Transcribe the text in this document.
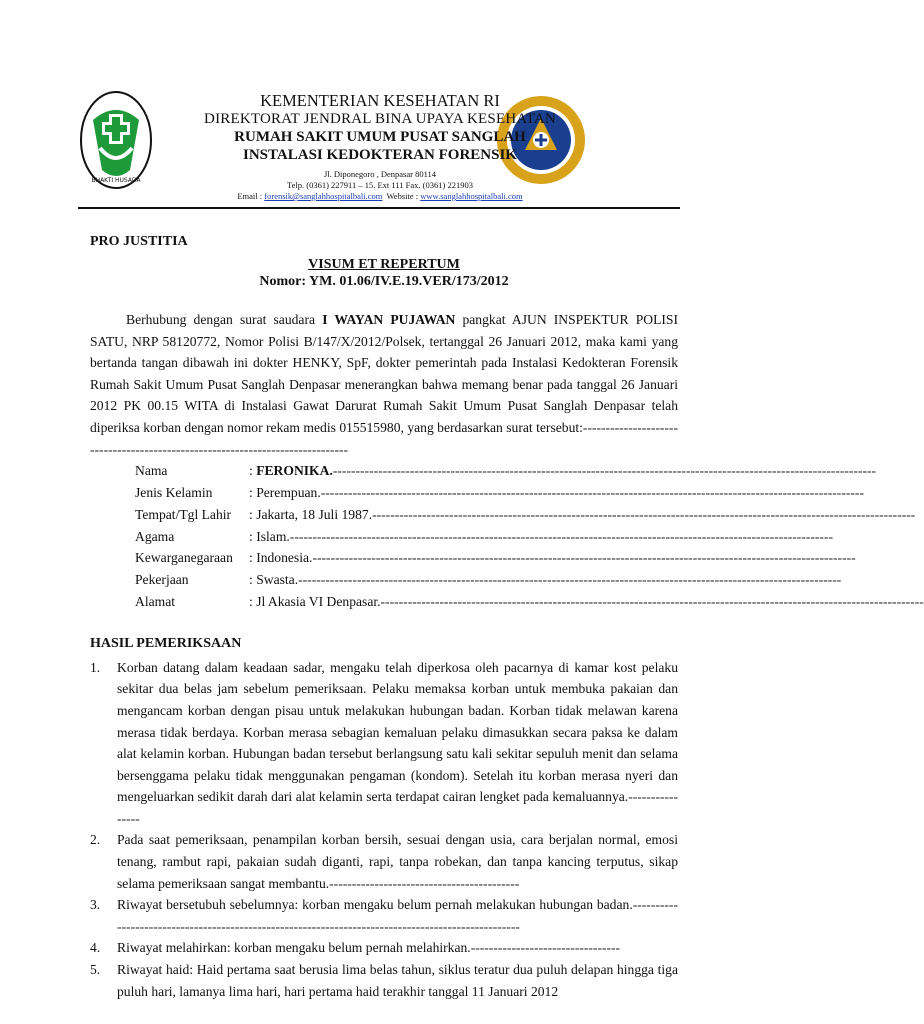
BHAKTI HUSADA
KEMENTERIAN KESEHATAN RI
DIREKTORAT JENDRAL BINA UPAYA KESEHATAN
RUMAH SAKIT UMUM PUSAT SANGLAH
INSTALASI KEDOKTERAN FORENSIK
Jl. Diponegoro , Denpasar 80114
Telp. (0361) 227911 – 15. Ext 111 Fax. (0361) 221903
Email : forensik@sanglahhospitalbali.com  Website : www.sanglahhospitalbali.com

PRO JUSTITIA

VISUM ET REPERTUM

Nomor: YM. 01.06/IV.E.19.VER/173/2012

Berhubung dengan surat saudara I WAYAN PUJAWAN pangkat AJUN INSPEKTUR POLISI SATU, NRP 58120772, Nomor Polisi B/147/X/2012/Polsek, tertanggal 26 Januari 2012, maka kami yang bertanda tangan dibawah ini dokter HENKY, SpF, dokter pemerintah pada Instalasi Kedokteran Forensik Rumah Sakit Umum Pusat Sanglah Denpasar menerangkan bahwa memang benar pada tanggal 26 Januari 2012 PK 00.15 WITA di Instalasi Gawat Darurat Rumah Sakit Umum Pusat Sanglah Denpasar telah diperiksa korban dengan nomor rekam medis 015515980, yang berdasarkan surat tersebut:------------------------------------------------------------------------------

Nama	: FERONIKA.------------------------------------------------------------------------------------------------------------------------
Jenis Kelamin	: Perempuan.------------------------------------------------------------------------------------------------------------------------
Tempat/Tgl Lahir	: Jakarta, 18 Juli 1987.------------------------------------------------------------------------------------------------------------------------
Agama	: Islam.------------------------------------------------------------------------------------------------------------------------
Kewarganegaraan	: Indonesia.------------------------------------------------------------------------------------------------------------------------
Pekerjaan	: Swasta.------------------------------------------------------------------------------------------------------------------------
Alamat	: Jl Akasia VI Denpasar.------------------------------------------------------------------------------------------------------------------------

HASIL PEMERIKSAAN

1. Korban datang dalam keadaan sadar, mengaku telah diperkosa oleh pacarnya di kamar kost pelaku sekitar dua belas jam sebelum pemeriksaan. Pelaku memaksa korban untuk membuka pakaian dan mengancam korban dengan pisau untuk melakukan hubungan badan. Korban tidak melawan karena merasa tidak berdaya. Korban merasa sebagian kemaluan pelaku dimasukkan secara paksa ke dalam alat kelamin korban. Hubungan badan tersebut berlangsung satu kali sekitar sepuluh menit dan selama bersenggama pelaku tidak menggunakan pengaman (kondom). Setelah itu korban merasa nyeri dan mengeluarkan sedikit darah dari alat kelamin serta terdapat cairan lengket pada kemaluannya.----------------
2. Pada saat pemeriksaan, penampilan korban bersih, sesuai dengan usia, cara berjalan normal, emosi tenang, rambut rapi, pakaian sudah diganti, rapi, tanpa robekan, dan tanpa kancing terputus, sikap selama pemeriksaan sangat membantu.------------------------------------------
3. Riwayat bersetubuh sebelumnya: korban mengaku belum pernah melakukan hubungan badan.---------------------------------------------------------------------------------------------------
4. Riwayat melahirkan: korban mengaku belum pernah melahirkan.---------------------------------
5. Riwayat haid: Haid pertama saat berusia lima belas tahun, siklus teratur dua puluh delapan hingga tiga puluh hari, lamanya lima hari, hari pertama haid terakhir tanggal 11 Januari 2012
